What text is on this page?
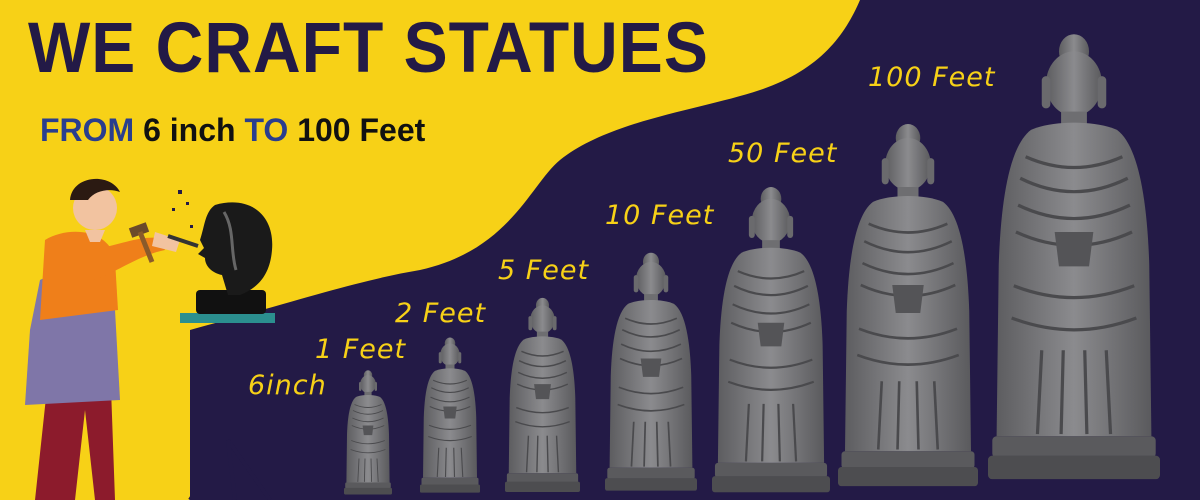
WE CRAFT STATUES
FROM 6 inch TO 100 Feet
6inch
1 Feet
2 Feet
5 Feet
10 Feet
50 Feet
100 Feet
